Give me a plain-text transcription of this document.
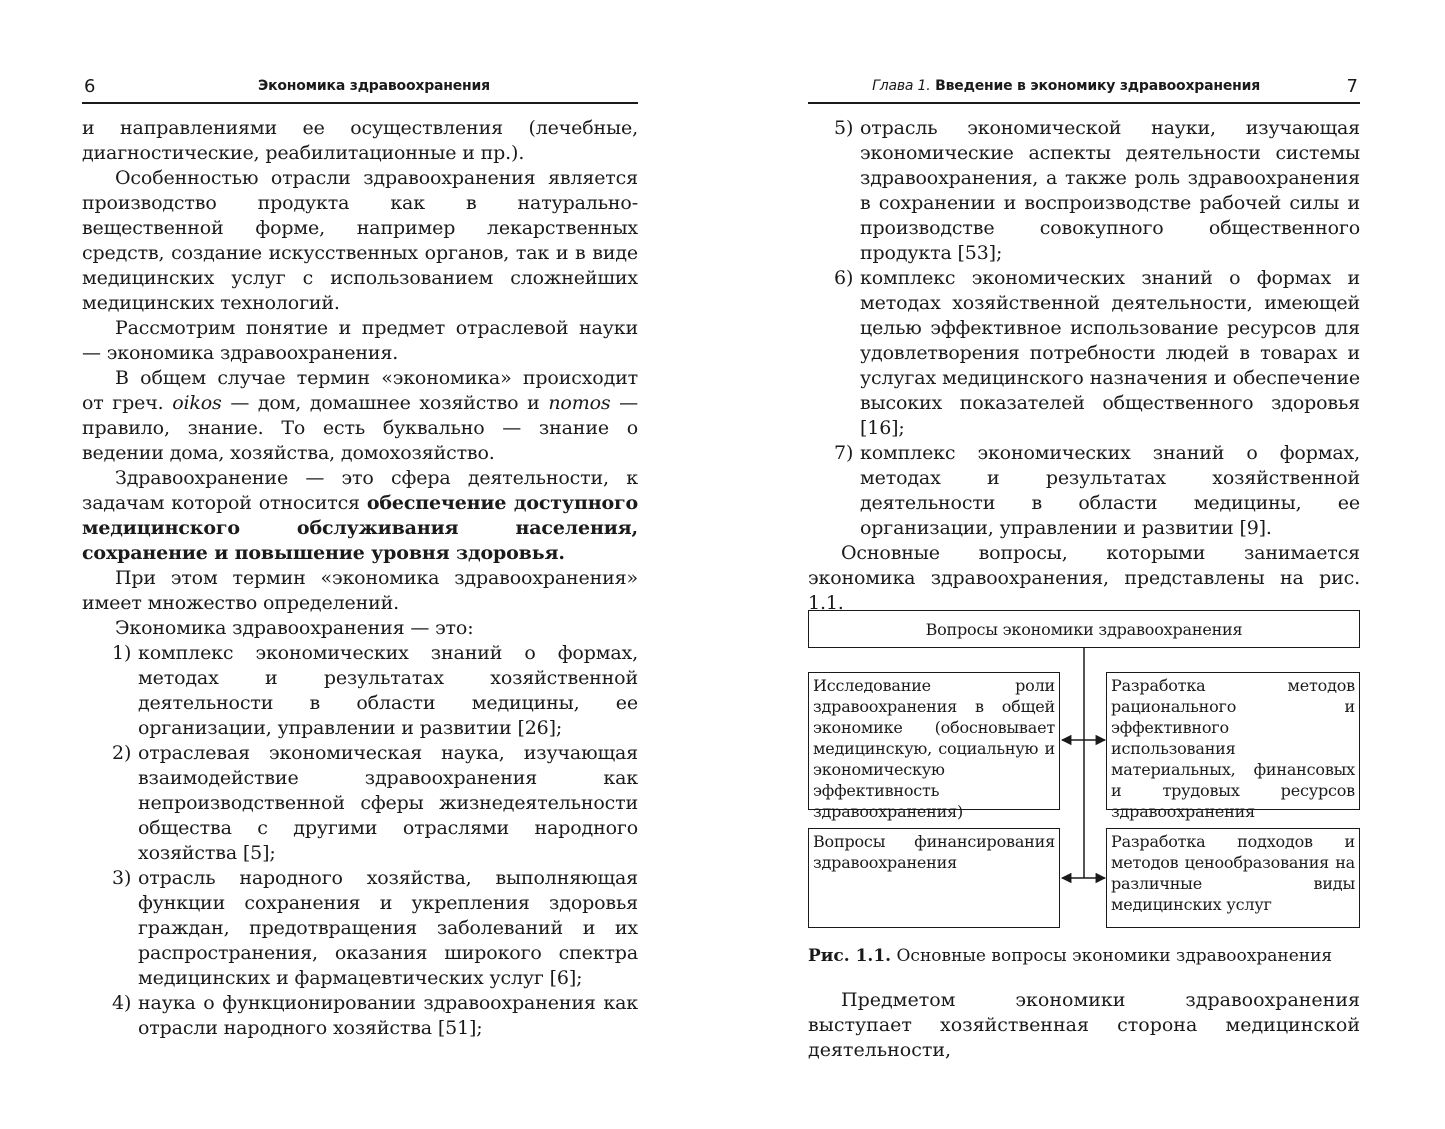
6	Экономика здравоохранения

и направлениями ее осуществления (лечебные, диагностические, реабилитационные и пр.).

Особенностью отрасли здравоохранения является производство продукта как в натурально-вещественной форме, например лекарственных средств, создание искусственных органов, так и в виде медицинских услуг с использованием сложнейших медицинских технологий.

Рассмотрим понятие и предмет отраслевой науки — экономика здравоохранения.

В общем случае термин «экономика» происходит от греч. oikos — дом, домашнее хозяйство и nomos — правило, знание. То есть буквально — знание о ведении дома, хозяйства, домохозяйство.

Здравоохранение — это сфера деятельности, к задачам которой относится обеспечение доступного медицинского обслуживания населения, сохранение и повышение уровня здоровья.

При этом термин «экономика здравоохранения» имеет множество определений.

Экономика здравоохранения — это:

1) комплекс экономических знаний о формах, методах и результатах хозяйственной деятельности в области медицины, ее организации, управлении и развитии [26];
2) отраслевая экономическая наука, изучающая взаимодействие здравоохранения как непроизводственной сферы жизнедеятельности общества с другими отраслями народного хозяйства [5];
3) отрасль народного хозяйства, выполняющая функции сохранения и укрепления здоровья граждан, предотвращения заболеваний и их распространения, оказания широкого спектра медицинских и фармацевтических услуг [6];
4) наука о функционировании здравоохранения как отрасли народного хозяйства [51];
Глава 1. Введение в экономику здравоохранения	7
5) отрасль экономической науки, изучающая экономические аспекты деятельности системы здравоохранения, а также роль здравоохранения в сохранении и воспроизводстве рабочей силы и производстве совокупного общественного продукта [53];
6) комплекс экономических знаний о формах и методах хозяйственной деятельности, имеющей целью эффективное использование ресурсов для удовлетворения потребности людей в товарах и услугах медицинского назначения и обеспечение высоких показателей общественного здоровья [16];
7) комплекс экономических знаний о формах, методах и результатах хозяйственной деятельности в области медицины, ее организации, управлении и развитии [9].

Основные вопросы, которыми занимается экономика здравоохранения, представлены на рис. 1.1.

Вопросы экономики здравоохранения
Исследование роли здравоохранения в общей экономике (обосновывает медицинскую, социальную и экономическую эффективность здравоохранения)
Разработка методов рационального и эффективного использования материальных, финансовых и трудовых ресурсов здравоохранения
Вопросы финансирования здравоохранения
Разработка подходов и методов ценообразования на различные виды медицинских услуг
Рис. 1.1. Основные вопросы экономики здравоохранения

Предметом экономики здравоохранения выступает хозяйственная сторона медицинской деятельности,
